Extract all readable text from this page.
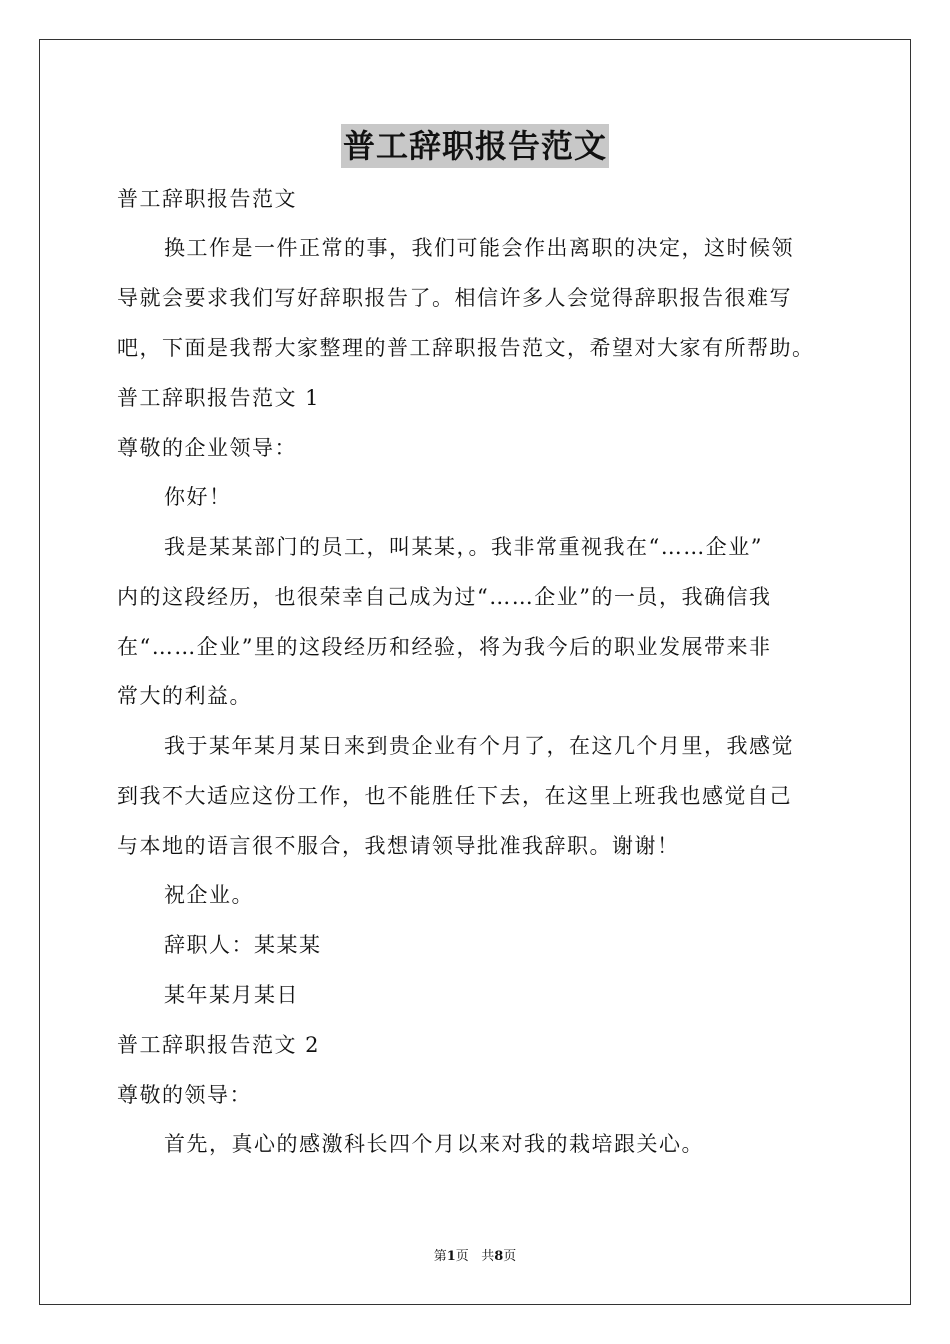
普工辞职报告范文
普工辞职报告范文
换工作是一件正常的事，我们可能会作出离职的决定，这时候领
导就会要求我们写好辞职报告了。相信许多人会觉得辞职报告很难写
吧，下面是我帮大家整理的普工辞职报告范文，希望对大家有所帮助。
普工辞职报告范文 1
尊敬的企业领导：
你好！
我是某某部门的员工，叫某某，。我非常重视我在“……企业”
内的这段经历，也很荣幸自己成为过“……企业”的一员，我确信我
在“……企业”里的这段经历和经验，将为我今后的职业发展带来非
常大的利益。
我于某年某月某日来到贵企业有个月了，在这几个月里，我感觉
到我不大适应这份工作，也不能胜任下去，在这里上班我也感觉自己
与本地的语言很不服合，我想请领导批准我辞职。谢谢！
祝企业。
辞职人：某某某
某年某月某日
普工辞职报告范文 2
尊敬的领导：
首先，真心的感激科长四个月以来对我的栽培跟关心。
第1页 共8页
